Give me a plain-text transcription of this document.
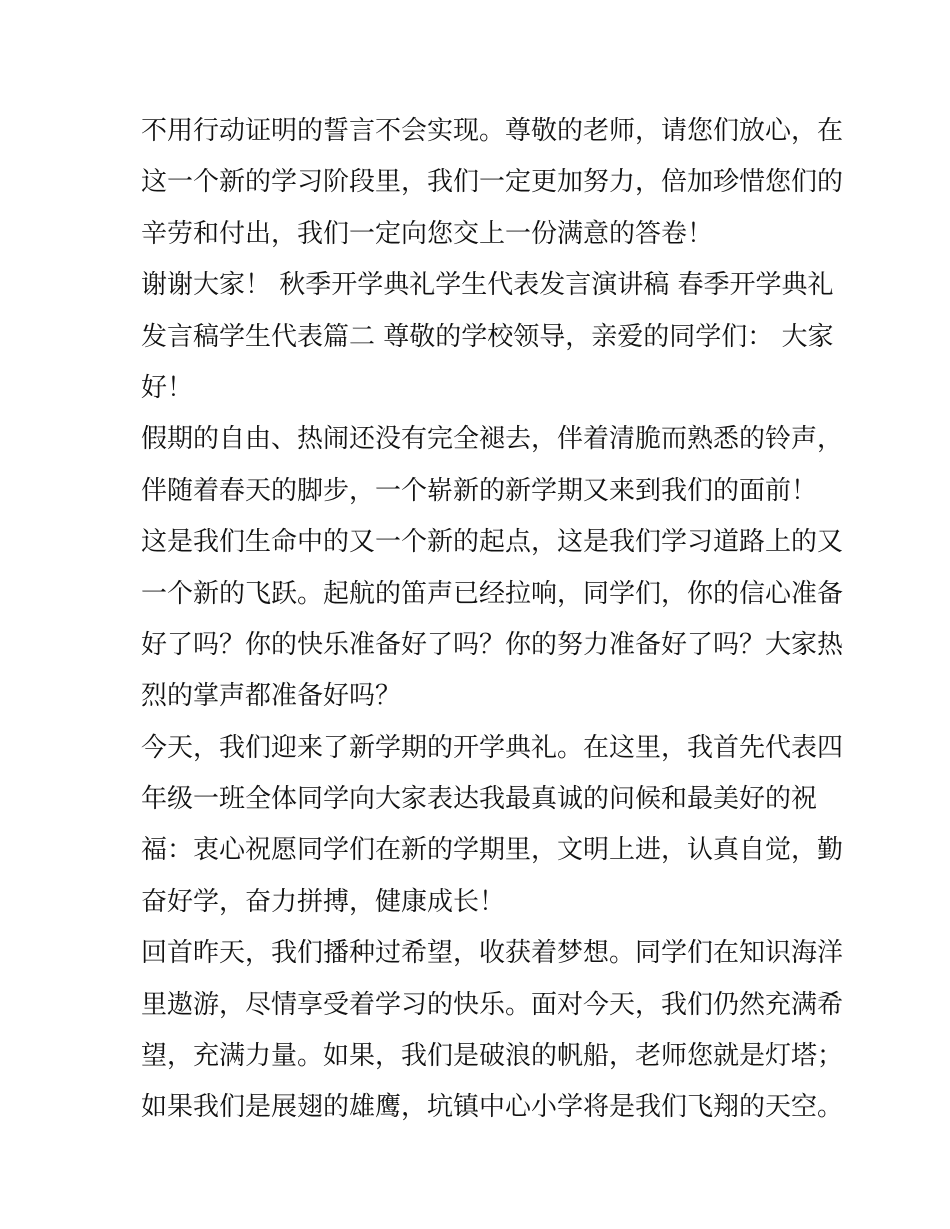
不用行动证明的誓言不会实现。尊敬的老师，请您们放心，在
这一个新的学习阶段里，我们一定更加努力，倍加珍惜您们的
辛劳和付出，我们一定向您交上一份满意的答卷！
谢谢大家！ 秋季开学典礼学生代表发言演讲稿 春季开学典礼
发言稿学生代表篇二 尊敬的学校领导，亲爱的同学们： 大家
好！
假期的自由、热闹还没有完全褪去，伴着清脆而熟悉的铃声，
伴随着春天的脚步，一个崭新的新学期又来到我们的面前！
这是我们生命中的又一个新的起点，这是我们学习道路上的又
一个新的飞跃。起航的笛声已经拉响，同学们，你的信心准备
好了吗？你的快乐准备好了吗？你的努力准备好了吗？大家热
烈的掌声都准备好吗？
今天，我们迎来了新学期的开学典礼。在这里，我首先代表四
年级一班全体同学向大家表达我最真诚的问候和最美好的祝
福：衷心祝愿同学们在新的学期里，文明上进，认真自觉，勤
奋好学，奋力拼搏，健康成长！
回首昨天，我们播种过希望，收获着梦想。同学们在知识海洋
里遨游，尽情享受着学习的快乐。面对今天，我们仍然充满希
望，充满力量。如果，我们是破浪的帆船，老师您就是灯塔；
如果我们是展翅的雄鹰，坑镇中心小学将是我们飞翔的天空。
